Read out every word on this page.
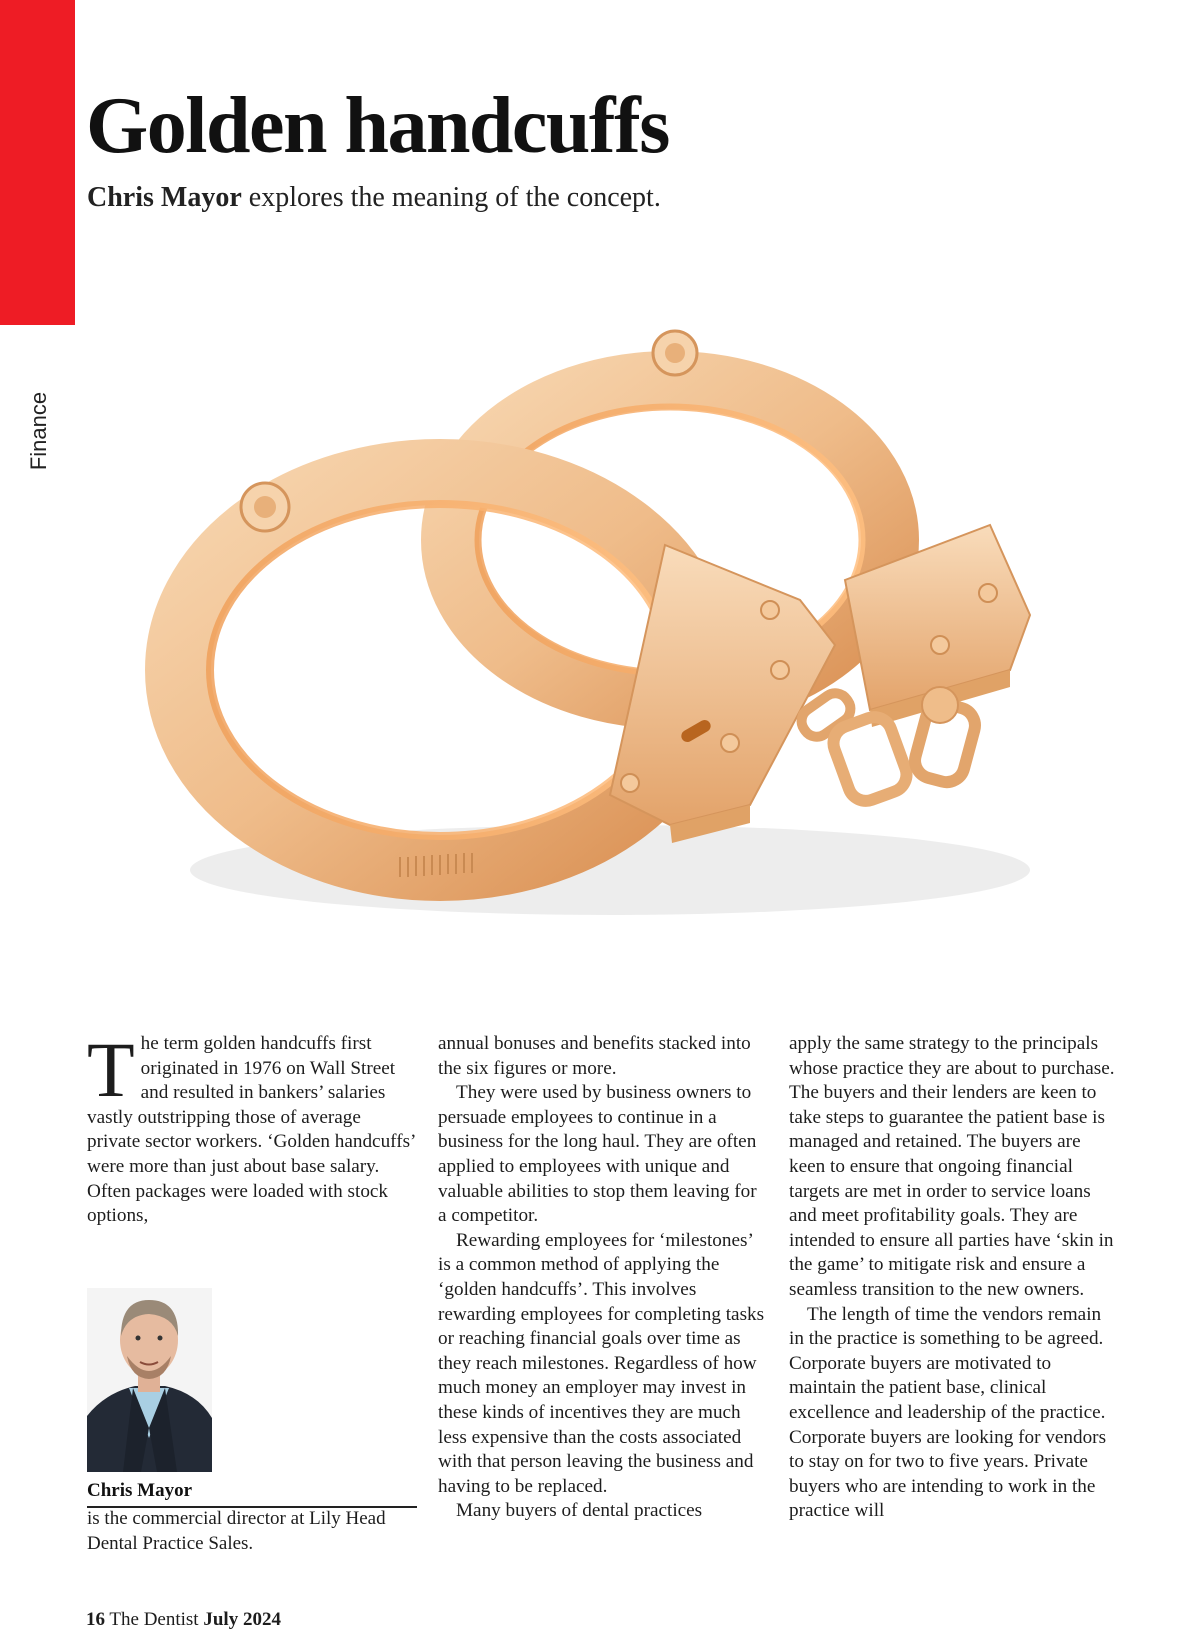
Finance
Golden handcuffs
Chris Mayor explores the meaning of the concept.

The term golden handcuffs first originated in 1976 on Wall Street and resulted in bankers’ salaries vastly outstripping those of average private sector workers. ‘Golden handcuffs’ were more than just about base salary. Often packages were loaded with stock options,

Chris Mayor
is the commercial director at Lily Head Dental Practice Sales.

annual bonuses and benefits stacked into the six figures or more.

They were used by business owners to persuade employees to continue in a business for the long haul. They are often applied to employees with unique and valuable abilities to stop them leaving for a competitor.

Rewarding employees for ‘milestones’ is a common method of applying the ‘golden handcuffs’. This involves rewarding employees for completing tasks or reaching financial goals over time as they reach milestones. Regardless of how much money an employer may invest in these kinds of incentives they are much less expensive than the costs associated with that person leaving the business and having to be replaced.

Many buyers of dental practices

apply the same strategy to the principals whose practice they are about to purchase. The buyers and their lenders are keen to take steps to guarantee the patient base is managed and retained. The buyers are keen to ensure that ongoing financial targets are met in order to service loans and meet profitability goals. They are intended to ensure all parties have ‘skin in the game’ to mitigate risk and ensure a seamless transition to the new owners.

The length of time the vendors remain in the practice is something to be agreed. Corporate buyers are motivated to maintain the patient base, clinical excellence and leadership of the practice. Corporate buyers are looking for vendors to stay on for two to five years. Private buyers who are intending to work in the practice will

16 The Dentist July 2024
